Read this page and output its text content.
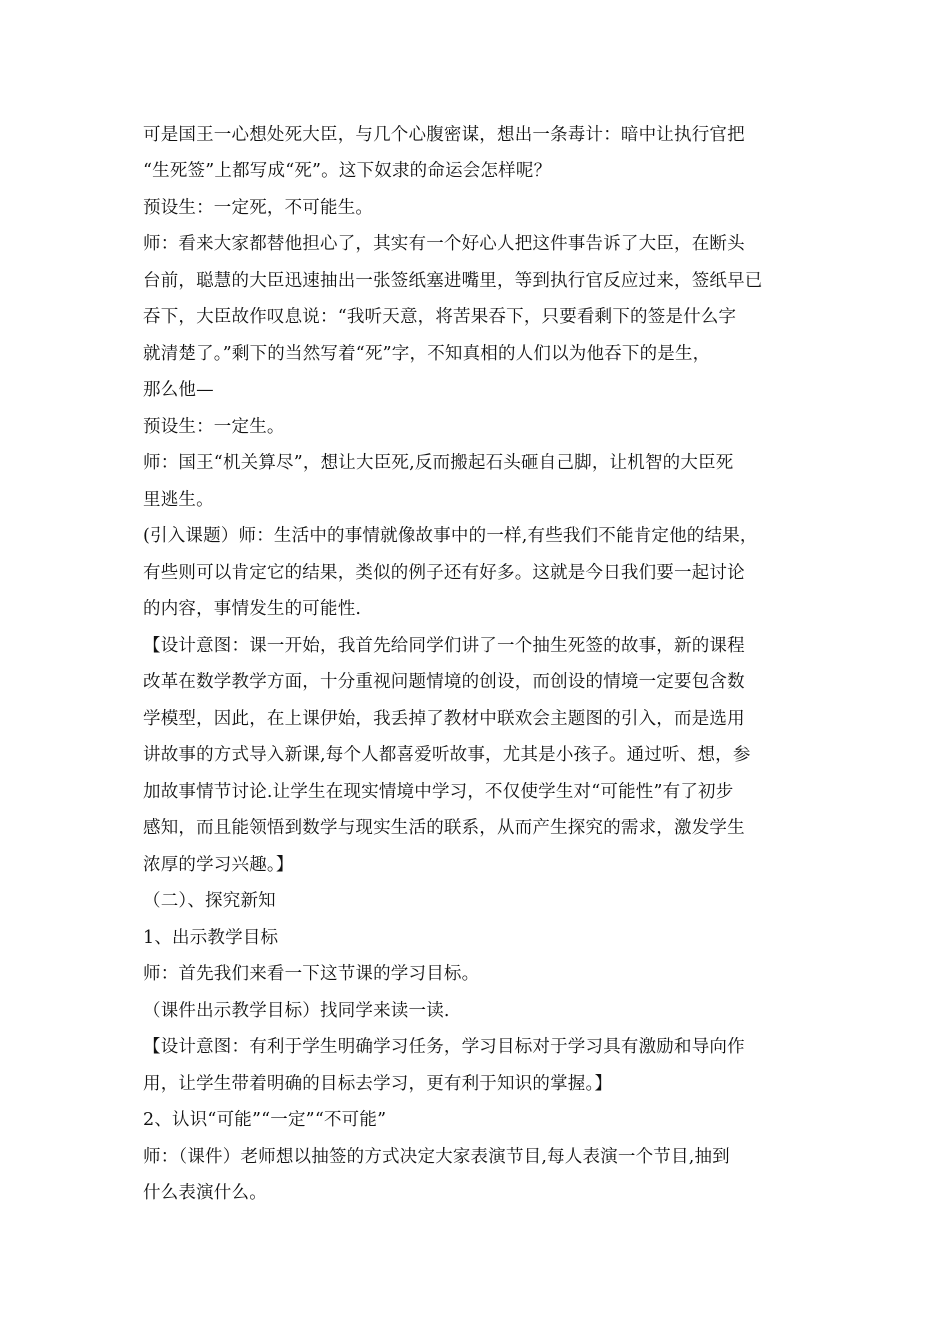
可是国王一心想处死大臣，与几个心腹密谋，想出一条毒计：暗中让执行官把
“生死签”上都写成“死”。这下奴隶的命运会怎样呢？
预设生：一定死，不可能生。
师：看来大家都替他担心了，其实有一个好心人把这件事告诉了大臣，在断头
台前，聪慧的大臣迅速抽出一张签纸塞进嘴里，等到执行官反应过来，签纸早已
吞下，大臣故作叹息说：“我听天意，将苦果吞下，只要看剩下的签是什么字
就清楚了。”剩下的当然写着“死”字，不知真相的人们以为他吞下的是生，
那么他—
预设生：一定生。
师：国王“机关算尽”，想让大臣死,反而搬起石头砸自己脚，让机智的大臣死
里逃生。
(引入课题）师：生活中的事情就像故事中的一样,有些我们不能肯定他的结果，
有些则可以肯定它的结果，类似的例子还有好多。这就是今日我们要一起讨论
的内容，事情发生的可能性.
【设计意图：课一开始，我首先给同学们讲了一个抽生死签的故事，新的课程
改革在数学教学方面，十分重视问题情境的创设，而创设的情境一定要包含数
学模型，因此，在上课伊始，我丢掉了教材中联欢会主题图的引入，而是选用
讲故事的方式导入新课,每个人都喜爱听故事，尤其是小孩子。通过听、想，参
加故事情节讨论.让学生在现实情境中学习，不仅使学生对“可能性”有了初步
感知，而且能领悟到数学与现实生活的联系，从而产生探究的需求，激发学生
浓厚的学习兴趣。】
（二）、探究新知
1、出示教学目标
师：首先我们来看一下这节课的学习目标。
（课件出示教学目标）找同学来读一读.
【设计意图：有利于学生明确学习任务，学习目标对于学习具有激励和导向作
用，让学生带着明确的目标去学习，更有利于知识的掌握。】
2、认识“可能”“一定”“不可能”
师：（课件）老师想以抽签的方式决定大家表演节目,每人表演一个节目,抽到
什么表演什么。
